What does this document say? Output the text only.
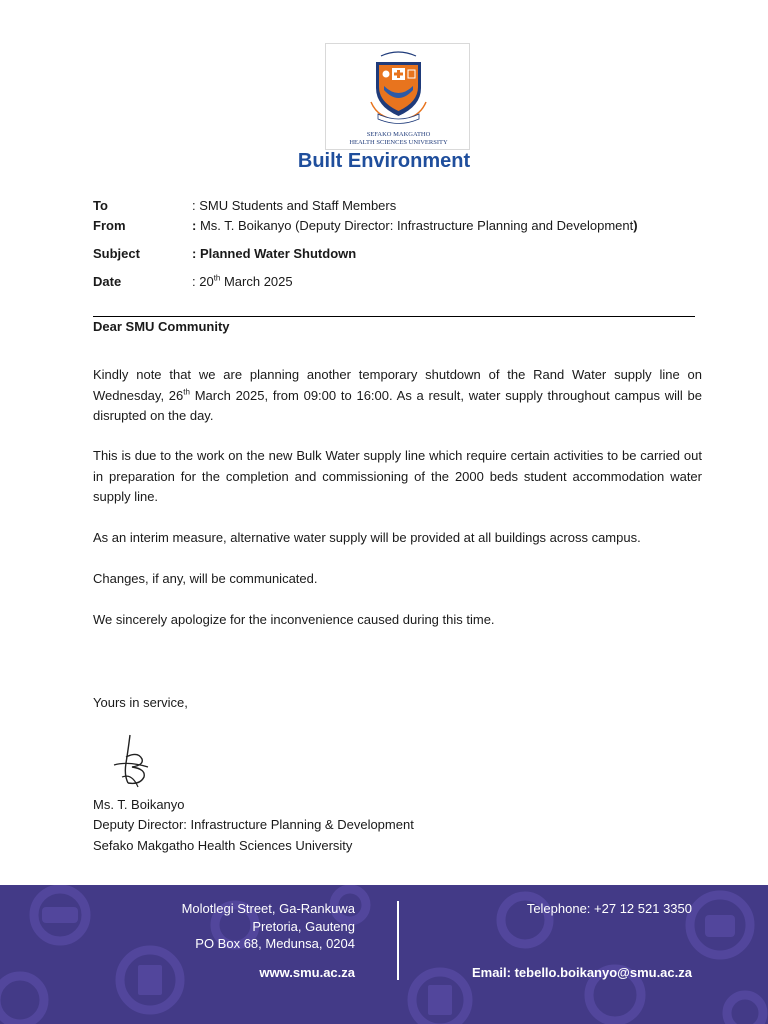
SEFAKO MAKGATHO
HEALTH SCIENCES UNIVERSITY
Built Environment
To	: SMU Students and Staff Members
From	: Ms. T. Boikanyo (Deputy Director: Infrastructure Planning and Development)
Subject	: Planned Water Shutdown
Date	: 20th March 2025
Dear SMU Community

Kindly note that we are planning another temporary shutdown of the Rand Water supply line on Wednesday, 26th March 2025, from 09:00 to 16:00. As a result, water supply throughout campus will be disrupted on the day.

This is due to the work on the new Bulk Water supply line which require certain activities to be carried out in preparation for the completion and commissioning of the 2000 beds student accommodation water supply line.

As an interim measure, alternative water supply will be provided at all buildings across campus.

Changes, if any, will be communicated.

We sincerely apologize for the inconvenience caused during this time.

Yours in service,
Ms. T. Boikanyo
Deputy Director: Infrastructure Planning & Development
Sefako Makgatho Health Sciences University
Molotlegi Street, Ga-Rankuwa
Pretoria, Gauteng
PO Box 68, Medunsa, 0204
www.smu.ac.za
Telephone: +27 12 521 3350
Email: tebello.boikanyo@smu.ac.za
